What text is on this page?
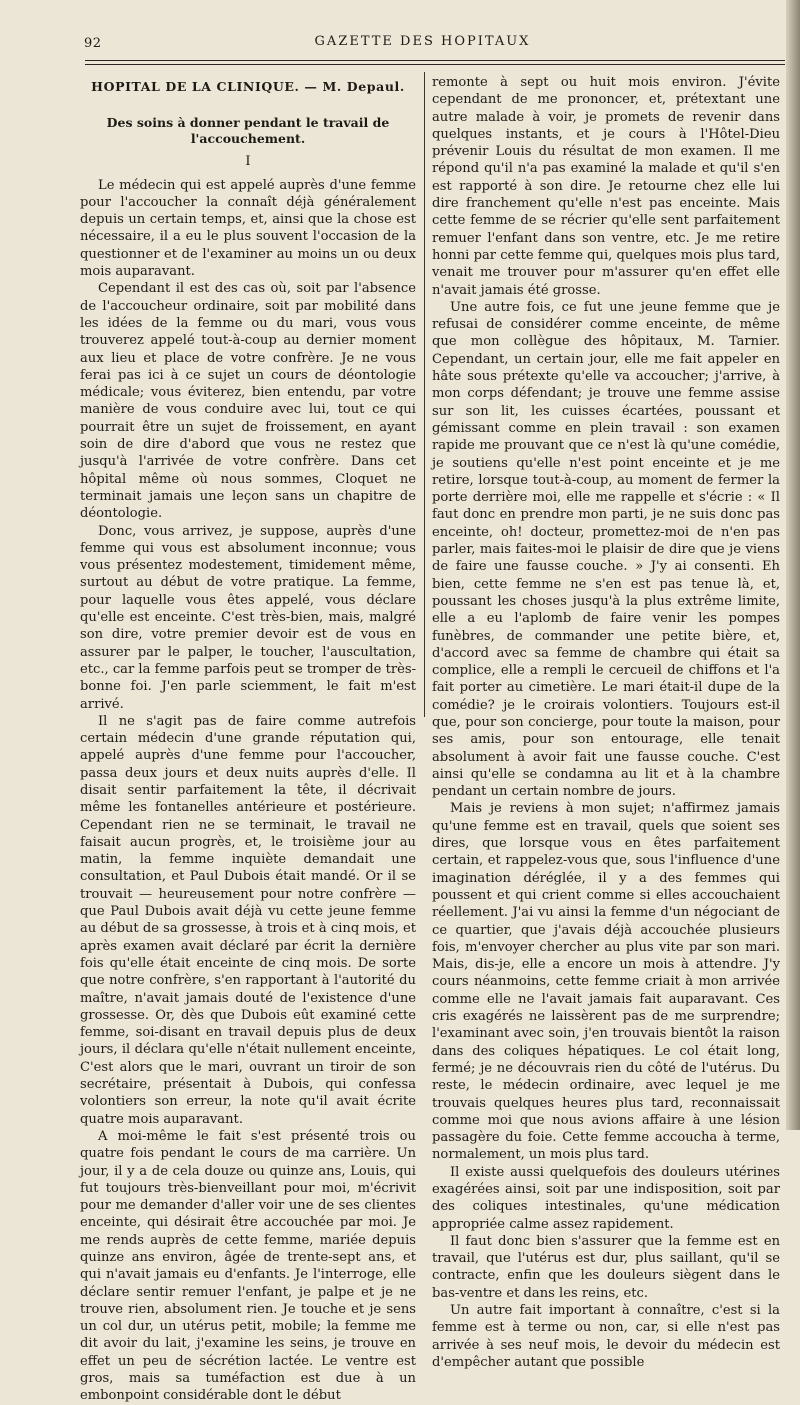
92	GAZETTE DES HOPITAUX
HOPITAL DE LA CLINIQUE. — M. Depaul.
Des soins à donner pendant le travail de l'accouchement.
I

Le médecin qui est appelé auprès d'une femme pour l'accoucher la connaît déjà généralement depuis un certain temps, et, ainsi que la chose est nécessaire, il a eu le plus souvent l'occasion de la questionner et de l'examiner au moins un ou deux mois auparavant.

Cependant il est des cas où, soit par l'absence de l'accoucheur ordinaire, soit par mobilité dans les idées de la femme ou du mari, vous vous trouverez appelé tout-à-coup au dernier moment aux lieu et place de votre confrère. Je ne vous ferai pas ici à ce sujet un cours de déontologie médicale; vous éviterez, bien entendu, par votre manière de vous conduire avec lui, tout ce qui pourrait être un sujet de froissement, en ayant soin de dire d'abord que vous ne restez que jusqu'à l'arrivée de votre confrère. Dans cet hôpital même où nous sommes, Cloquet ne terminait jamais une leçon sans un chapitre de déontologie.

Donc, vous arrivez, je suppose, auprès d'une femme qui vous est absolument inconnue; vous vous présentez modestement, timidement même, surtout au début de votre pratique. La femme, pour laquelle vous êtes appelé, vous déclare qu'elle est enceinte. C'est très-bien, mais, malgré son dire, votre premier devoir est de vous en assurer par le palper, le toucher, l'auscultation, etc., car la femme parfois peut se tromper de très-bonne foi. J'en parle sciemment, le fait m'est arrivé.

Il ne s'agit pas de faire comme autrefois certain médecin d'une grande réputation qui, appelé auprès d'une femme pour l'accoucher, passa deux jours et deux nuits auprès d'elle. Il disait sentir parfaitement la tête, il décrivait même les fontanelles antérieure et postérieure. Cependant rien ne se terminait, le travail ne faisait aucun progrès, et, le troisième jour au matin, la femme inquiète demandait une consultation, et Paul Dubois était mandé. Or il se trouvait — heureusement pour notre confrère — que Paul Dubois avait déjà vu cette jeune femme au début de sa grossesse, à trois et à cinq mois, et après examen avait déclaré par écrit la dernière fois qu'elle était enceinte de cinq mois. De sorte que notre confrère, s'en rapportant à l'autorité du maître, n'avait jamais douté de l'existence d'une grossesse. Or, dès que Dubois eût examiné cette femme, soi-disant en travail depuis plus de deux jours, il déclara qu'elle n'était nullement enceinte, C'est alors que le mari, ouvrant un tiroir de son secrétaire, présentait à Dubois, qui confessa volontiers son erreur, la note qu'il avait écrite quatre mois auparavant.

A moi-même le fait s'est présenté trois ou quatre fois pendant le cours de ma carrière. Un jour, il y a de cela douze ou quinze ans, Louis, qui fut toujours très-bienveillant pour moi, m'écrivit pour me demander d'aller voir une de ses clientes enceinte, qui désirait être accouchée par moi. Je me rends auprès de cette femme, mariée depuis quinze ans environ, âgée de trente-sept ans, et qui n'avait jamais eu d'enfants. Je l'interroge, elle déclare sentir remuer l'enfant, je palpe et je ne trouve rien, absolument rien. Je touche et je sens un col dur, un utérus petit, mobile; la femme me dit avoir du lait, j'examine les seins, je trouve en effet un peu de sécrétion lactée. Le ventre est gros, mais sa tuméfaction est due à un embonpoint considérable dont le début

remonte à sept ou huit mois environ. J'évite cependant de me prononcer, et, prétextant une autre malade à voir, je promets de revenir dans quelques instants, et je cours à l'Hôtel-Dieu prévenir Louis du résultat de mon examen. Il me répond qu'il n'a pas examiné la malade et qu'il s'en est rapporté à son dire. Je retourne chez elle lui dire franchement qu'elle n'est pas enceinte. Mais cette femme de se récrier qu'elle sent parfaitement remuer l'enfant dans son ventre, etc. Je me retire honni par cette femme qui, quelques mois plus tard, venait me trouver pour m'assurer qu'en effet elle n'avait jamais été grosse.

Une autre fois, ce fut une jeune femme que je refusai de considérer comme enceinte, de même que mon collègue des hôpitaux, M. Tarnier. Cependant, un certain jour, elle me fait appeler en hâte sous prétexte qu'elle va accoucher; j'arrive, à mon corps défendant; je trouve une femme assise sur son lit, les cuisses écartées, poussant et gémissant comme en plein travail : son examen rapide me prouvant que ce n'est là qu'une comédie, je soutiens qu'elle n'est point enceinte et je me retire, lorsque tout-à-coup, au moment de fermer la porte derrière moi, elle me rappelle et s'écrie : « Il faut donc en prendre mon parti, je ne suis donc pas enceinte, oh! docteur, promettez-moi de n'en pas parler, mais faites-moi le plaisir de dire que je viens de faire une fausse couche. » J'y ai consenti. Eh bien, cette femme ne s'en est pas tenue là, et, poussant les choses jusqu'à la plus extrême limite, elle a eu l'aplomb de faire venir les pompes funèbres, de commander une petite bière, et, d'accord avec sa femme de chambre qui était sa complice, elle a rempli le cercueil de chiffons et l'a fait porter au cimetière. Le mari était-il dupe de la comédie? je le croirais volontiers. Toujours est-il que, pour son concierge, pour toute la maison, pour ses amis, pour son entourage, elle tenait absolument à avoir fait une fausse couche. C'est ainsi qu'elle se condamna au lit et à la chambre pendant un certain nombre de jours.

Mais je reviens à mon sujet; n'affirmez jamais qu'une femme est en travail, quels que soient ses dires, que lorsque vous en êtes parfaitement certain, et rappelez-vous que, sous l'influence d'une imagination déréglée, il y a des femmes qui poussent et qui crient comme si elles accouchaient réellement. J'ai vu ainsi la femme d'un négociant de ce quartier, que j'avais déjà accouchée plusieurs fois, m'envoyer chercher au plus vite par son mari. Mais, dis-je, elle a encore un mois à attendre. J'y cours néanmoins, cette femme criait à mon arrivée comme elle ne l'avait jamais fait auparavant. Ces cris exagérés ne laissèrent pas de me surprendre; l'examinant avec soin, j'en trouvais bientôt la raison dans des coliques hépatiques. Le col était long, fermé; je ne découvrais rien du côté de l'utérus. Du reste, le médecin ordinaire, avec lequel je me trouvais quelques heures plus tard, reconnaissait comme moi que nous avions affaire à une lésion passagère du foie. Cette femme accoucha à terme, normalement, un mois plus tard.

Il existe aussi quelquefois des douleurs utérines exagérées ainsi, soit par une indisposition, soit par des coliques intestinales, qu'une médication appropriée calme assez rapidement.

Il faut donc bien s'assurer que la femme est en travail, que l'utérus est dur, plus saillant, qu'il se contracte, enfin que les douleurs siègent dans le bas-ventre et dans les reins, etc.

Un autre fait important à connaître, c'est si la femme est à terme ou non, car, si elle n'est pas arrivée à ses neuf mois, le devoir du médecin est d'empêcher autant que possible
